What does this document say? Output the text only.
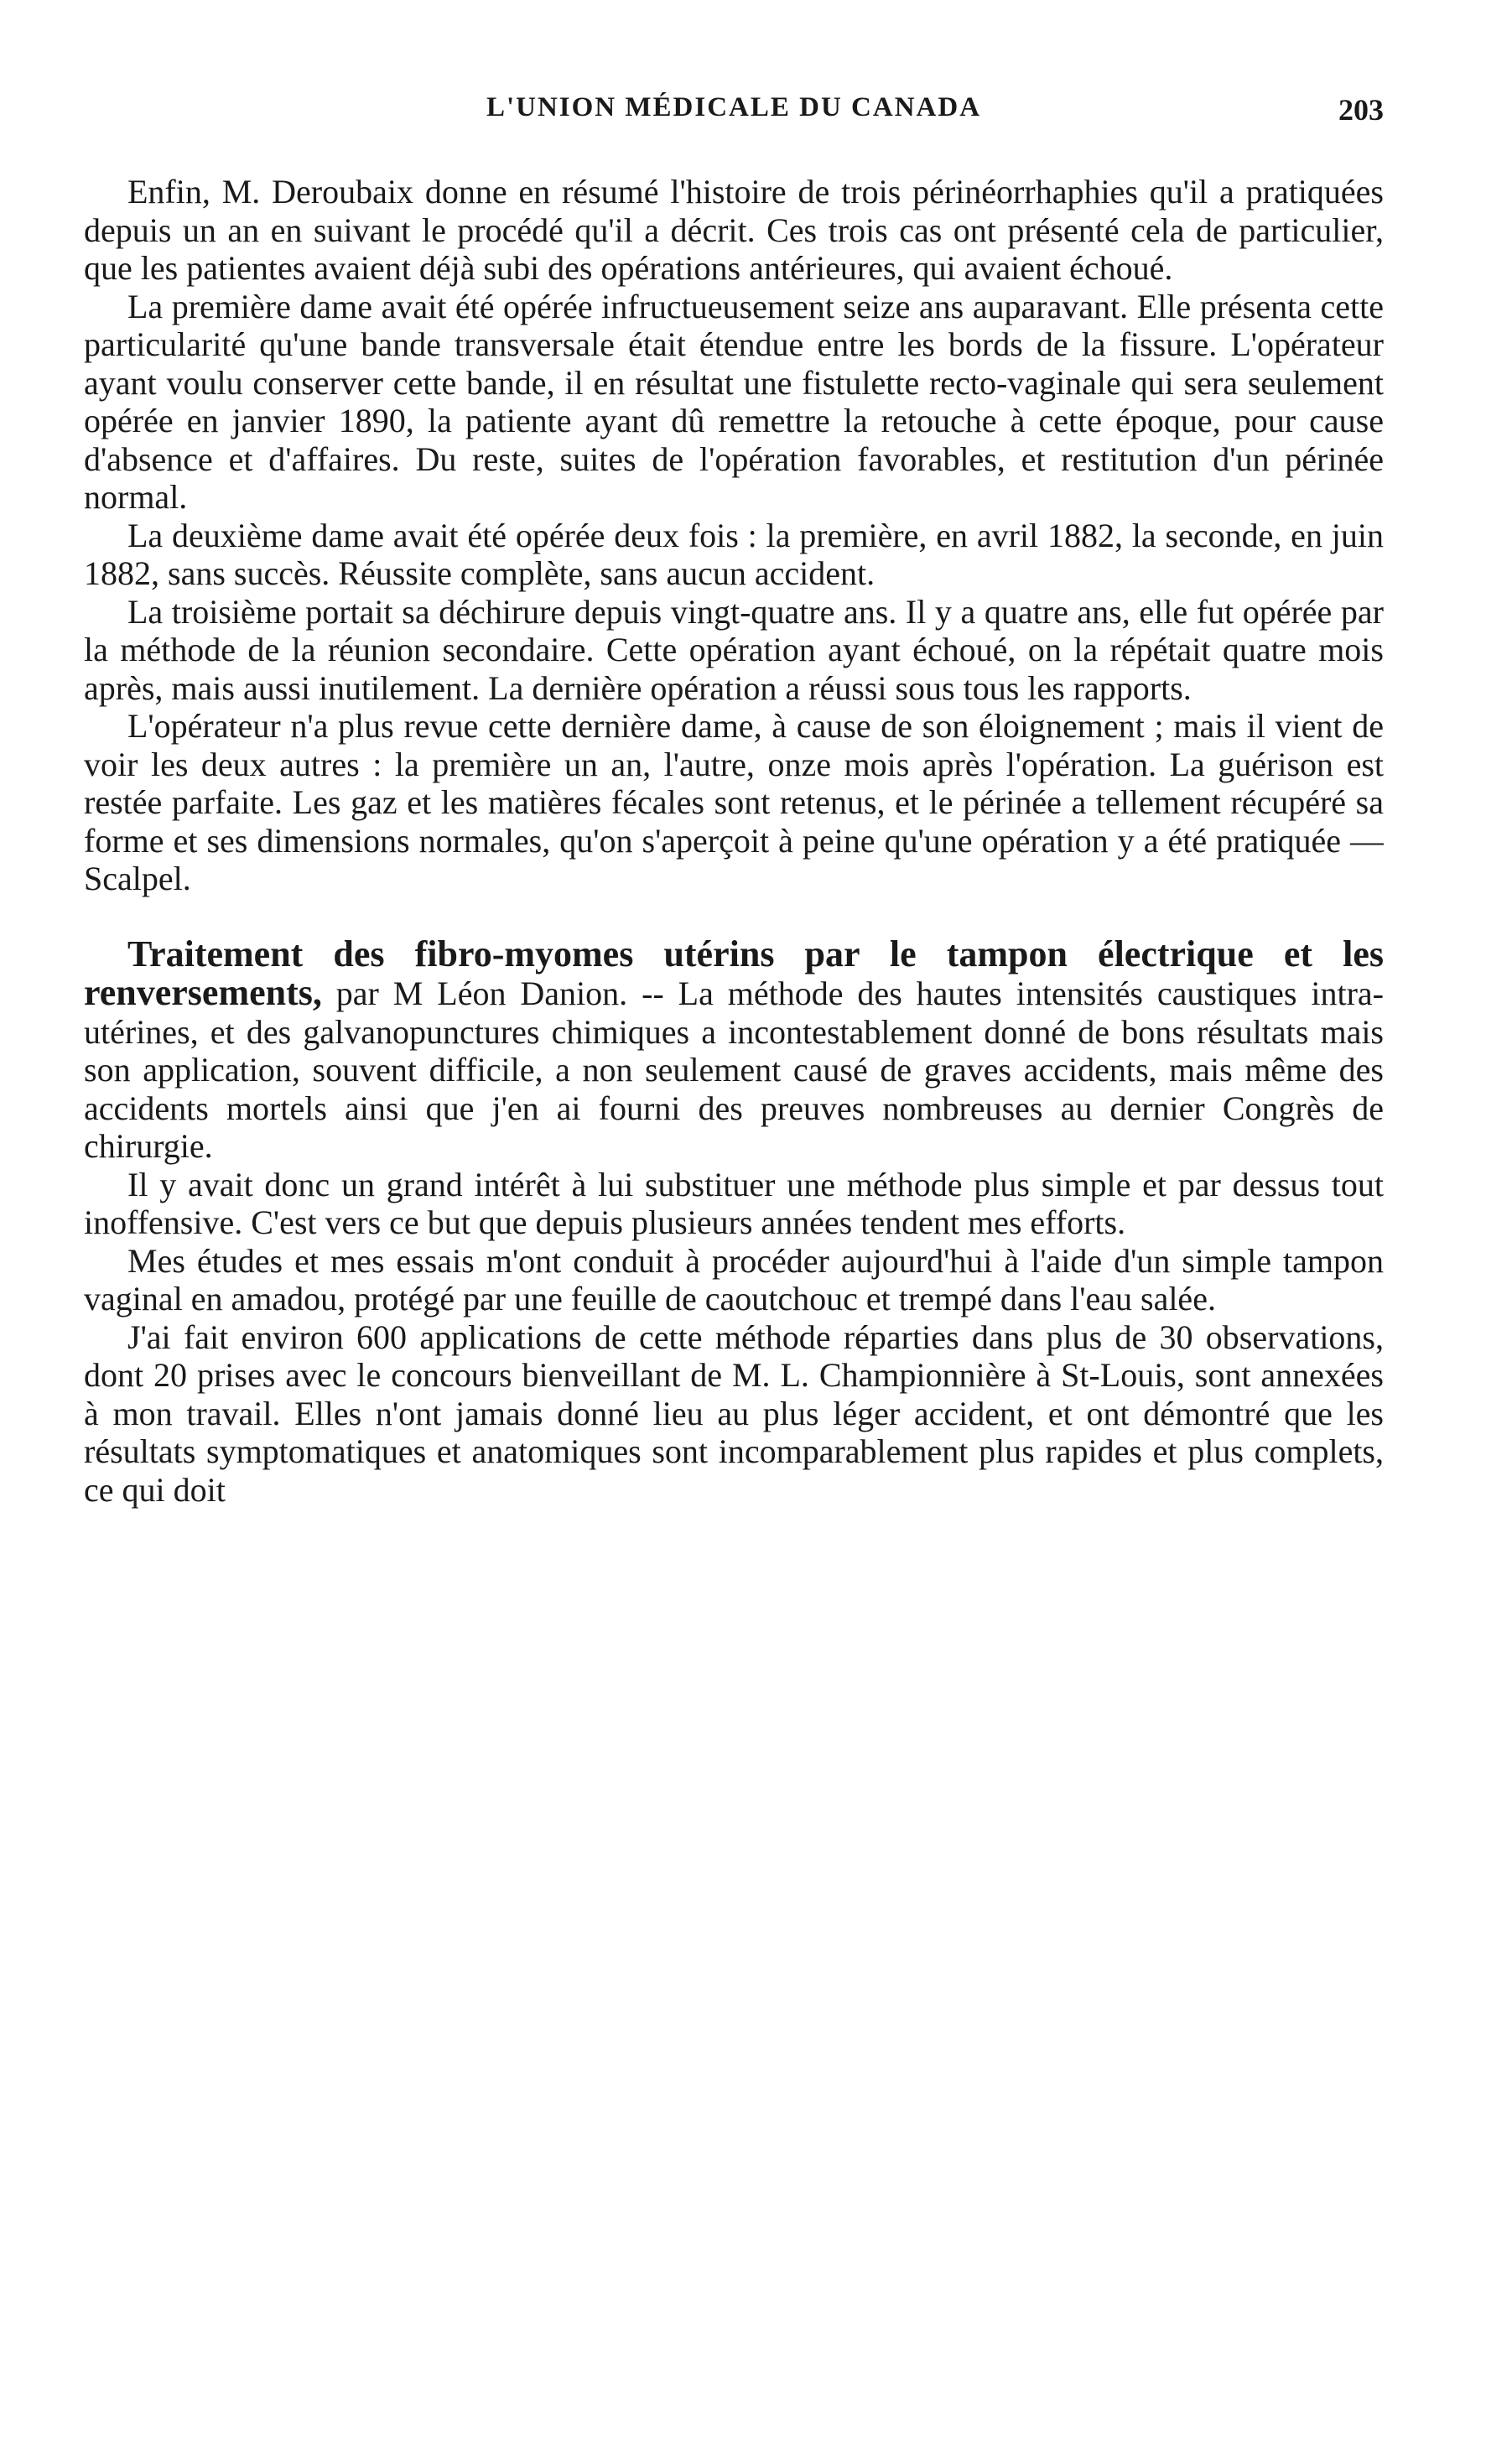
L'UNION MÉDICALE DU CANADA	203

Enfin, M. Deroubaix donne en résumé l'histoire de trois périnéorrhaphies qu'il a pratiquées depuis un an en suivant le procédé qu'il a décrit. Ces trois cas ont présenté cela de particulier, que les patientes avaient déjà subi des opérations antérieures, qui avaient échoué.

La première dame avait été opérée infructueusement seize ans auparavant. Elle présenta cette particularité qu'une bande transversale était étendue entre les bords de la fissure. L'opérateur ayant voulu conserver cette bande, il en résultat une fistulette recto-vaginale qui sera seulement opérée en janvier 1890, la patiente ayant dû remettre la retouche à cette époque, pour cause d'absence et d'affaires. Du reste, suites de l'opération favorables, et restitution d'un périnée normal.

La deuxième dame avait été opérée deux fois : la première, en avril 1882, la seconde, en juin 1882, sans succès. Réussite complète, sans aucun accident.

La troisième portait sa déchirure depuis vingt-quatre ans. Il y a quatre ans, elle fut opérée par la méthode de la réunion secondaire. Cette opération ayant échoué, on la répétait quatre mois après, mais aussi inutilement. La dernière opération a réussi sous tous les rapports.

L'opérateur n'a plus revue cette dernière dame, à cause de son éloignement ; mais il vient de voir les deux autres : la première un an, l'autre, onze mois après l'opération. La guérison est restée parfaite. Les gaz et les matières fécales sont retenus, et le périnée a tellement récupéré sa forme et ses dimensions normales, qu'on s'aperçoit à peine qu'une opération y a été pratiquée —Scalpel.

Traitement des fibro-myomes utérins par le tampon électrique et les renversements, par M Léon Danion. -- La méthode des hautes intensités caustiques intra-utérines, et des galvanopunctures chimiques a incontestablement donné de bons résultats mais son application, souvent difficile, a non seulement causé de graves accidents, mais même des accidents mortels ainsi que j'en ai fourni des preuves nombreuses au dernier Congrès de chirurgie.

Il y avait donc un grand intérêt à lui substituer une méthode plus simple et par dessus tout inoffensive. C'est vers ce but que depuis plusieurs années tendent mes efforts.

Mes études et mes essais m'ont conduit à procéder aujourd'hui à l'aide d'un simple tampon vaginal en amadou, protégé par une feuille de caoutchouc et trempé dans l'eau salée.

J'ai fait environ 600 applications de cette méthode réparties dans plus de 30 observations, dont 20 prises avec le concours bienveillant de M. L. Championnière à St-Louis, sont annexées à mon travail. Elles n'ont jamais donné lieu au plus léger accident, et ont démontré que les résultats symptomatiques et anatomiques sont incomparablement plus rapides et plus complets, ce qui doit
